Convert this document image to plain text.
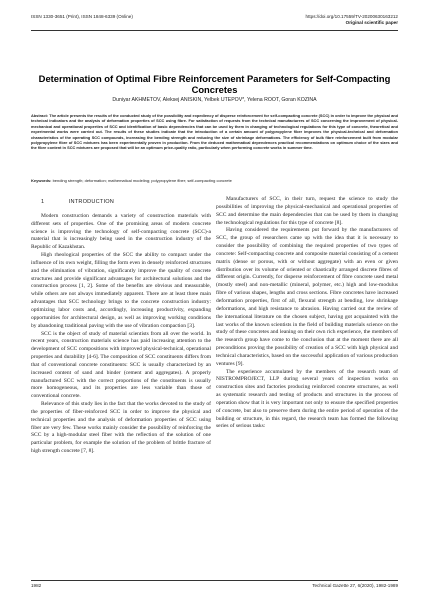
ISSN 1330-3651 (Print), ISSN 1848-6339 (Online)	https://doi.org/10.17559/TV-20200630163212
Original scientific paper
Determination of Optimal Fibre Reinforcement Parameters for Self-Compacting Concretes
Duniyar AKHMETOV, Aleksej ANISKIN, Yelbek UTEPOV*, Yelena ROOT, Goran KOZINA
Abstract: The article presents the results of the conducted study of the possibility and expediency of disperse reinforcement for self-compacting concrete (SCC) in order to improve the physical and technical indicators and the analysis of deformation properties of SCC using fibre. For satisfaction of requests from the technical manufacturers of SCC concerning the improvement of physical-mechanical and operational properties of SCC and identification of basic dependencies that can be used by them in changing of technological regulations for this type of concrete, theoretical and experimental works were carried out. The results of these studies indicate that the introduction of a certain amount of polypropylene fiber improves the physical-technical and deformation characteristics of the operating SCC compounds, increasing the bending strength and reducing the size of shrinkage deformations. The efficiency of bulk fibre reinforcement built from modular polypropylene fibre of SCC mixtures has been experimentally proven in production. From the deduced mathematical dependences practical recommendations on optimum choice of the sizes and the fibre content in SCC mixtures are proposed that will be an optimum price-quality ratio, particularly when performing concrete works in summer time.
Keywords: bending strength; deformation; mathematical modeling; polypropylene fiber; self-compacting concrete
1	INTRODUCTION

Modern construction demands a variety of construction materials with different sets of properties. One of the promising areas of modern concrete science is improving the technology of self-compacting concrete (SCC)-a material that is increasingly being used in the construction industry of the Republic of Kazakhstan.

High rheological properties of the SCC the ability to compact under the influence of its own weight, filling the form even in densely reinforced structures and the elimination of vibration, significantly improve the quality of concrete structures and provide significant advantages for architectural solutions and the construction process [1, 2]. Some of the benefits are obvious and measurable, while others are not always immediately apparent. There are at least three main advantages that SCC technology brings to the concrete construction industry: optimizing labor costs and, accordingly, increasing productivity, expanding opportunities for architectural design, as well as improving working conditions by abandoning traditional paving with the use of vibration compaction [3].

SCC is the object of study of material scientists from all over the world. In recent years, construction materials science has paid increasing attention to the development of SCC compositions with improved physical-technical, operational properties and durability [4-6]. The composition of SCC constituents differs from that of conventional concrete constituents: SCC is usually characterized by an increased content of sand and binder (cement and aggregates). A properly manufactured SCC with the correct proportions of the constituents is usually more homogeneous, and its properties are less variable than those of conventional concrete.

Relevance of this study lies in the fact that the works devoted to the study of the properties of fiber-reinforced SCC in order to improve the physical and technical properties and the analysis of deformation properties of SCC using fiber are very few. These works mainly consider the possibility of reinforcing the SCC by a high-modular steel fiber with the reflection of the solution of one particular problem, for example the solution of the problem of brittle fracture of high strength concrete [7, 8].

Manufacturers of SCC, in their turn, request the science to study the possibilities of improving the physical-mechanical and operational properties of SCC and determine the main dependencies that can be used by them in changing the technological regulations for this type of concrete [8].

Having considered the requirements put forward by the manufacturers of SCC, the group of researchers came up with the idea that it is necessary to consider the possibility of combining the required properties of two types of concrete: Self-compacting concrete and composite material consisting of a cement matrix (dense or porous, with or without aggregate) with an even or given distribution over its volume of oriented or chaotically arranged discrete fibres of different origin. Currently, for disperse reinforcement of fibre concrete used metal (mostly steel) and non-metallic (mineral, polymer, etc.) high and low-modulus fibre of various shapes, lengths and cross sections. Fibre concretes have increased deformation properties, first of all, flexural strength at bending, low shrinkage deformations, and high resistance to abrasion. Having carried out the review of the international literature on the chosen subject, having got acquainted with the last works of the known scientists in the field of building materials science on the study of these concretes and leaning on their own rich experience, the members of the research group have come to the conclusion that at the moment there are all preconditions proving the possibility of creation of a SCC with high physical and technical characteristics, based on the successful application of various production ventures [9].

The experience accumulated by the members of the research team of NISTROMPROJECT, LLP during several years of inspection works on construction sites and factories producing reinforced concrete structures, as well as systematic research and testing of products and structures in the process of operation show that it is very important not only to ensure the specified properties of concrete, but also to preserve them during the entire period of operation of the building or structure, in this regard, the research team has formed the following series of serious tasks:

1982	Technical Gazette 27, 6(2020), 1982-1989
